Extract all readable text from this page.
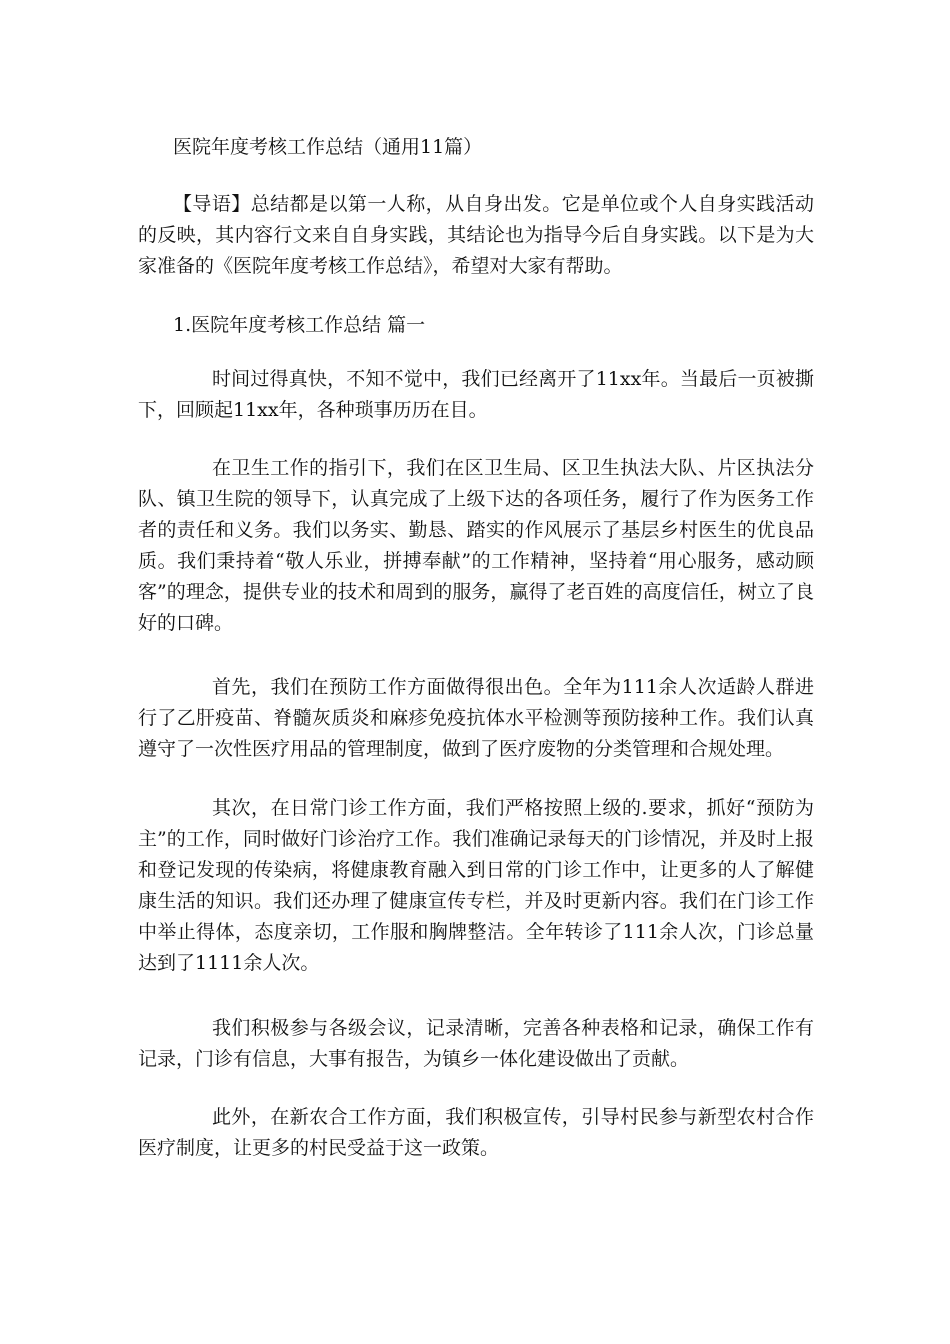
医院年度考核工作总结（通用11篇）

【导语】总结都是以第一人称，从自身出发。它是单位或个人自身实践活动的反映，其内容行文来自自身实践，其结论也为指导今后自身实践。以下是为大家准备的《医院年度考核工作总结》，希望对大家有帮助。

1.医院年度考核工作总结 篇一

时间过得真快，不知不觉中，我们已经离开了11xx年。当最后一页被撕下，回顾起11xx年，各种琐事历历在目。

在卫生工作的指引下，我们在区卫生局、区卫生执法大队、片区执法分队、镇卫生院的领导下，认真完成了上级下达的各项任务，履行了作为医务工作者的责任和义务。我们以务实、勤恳、踏实的作风展示了基层乡村医生的优良品质。我们秉持着“敬人乐业，拼搏奉献”的工作精神，坚持着“用心服务，感动顾客”的理念，提供专业的技术和周到的服务，赢得了老百姓的高度信任，树立了良好的口碑。

首先，我们在预防工作方面做得很出色。全年为111余人次适龄人群进行了乙肝疫苗、脊髓灰质炎和麻疹免疫抗体水平检测等预防接种工作。我们认真遵守了一次性医疗用品的管理制度，做到了医疗废物的分类管理和合规处理。

其次，在日常门诊工作方面，我们严格按照上级的.要求，抓好“预防为主”的工作，同时做好门诊治疗工作。我们准确记录每天的门诊情况，并及时上报和登记发现的传染病，将健康教育融入到日常的门诊工作中，让更多的人了解健康生活的知识。我们还办理了健康宣传专栏，并及时更新内容。我们在门诊工作中举止得体，态度亲切，工作服和胸牌整洁。全年转诊了111余人次，门诊总量达到了1111余人次。

我们积极参与各级会议，记录清晰，完善各种表格和记录，确保工作有记录，门诊有信息，大事有报告，为镇乡一体化建设做出了贡献。

此外，在新农合工作方面，我们积极宣传，引导村民参与新型农村合作医疗制度，让更多的村民受益于这一政策。
